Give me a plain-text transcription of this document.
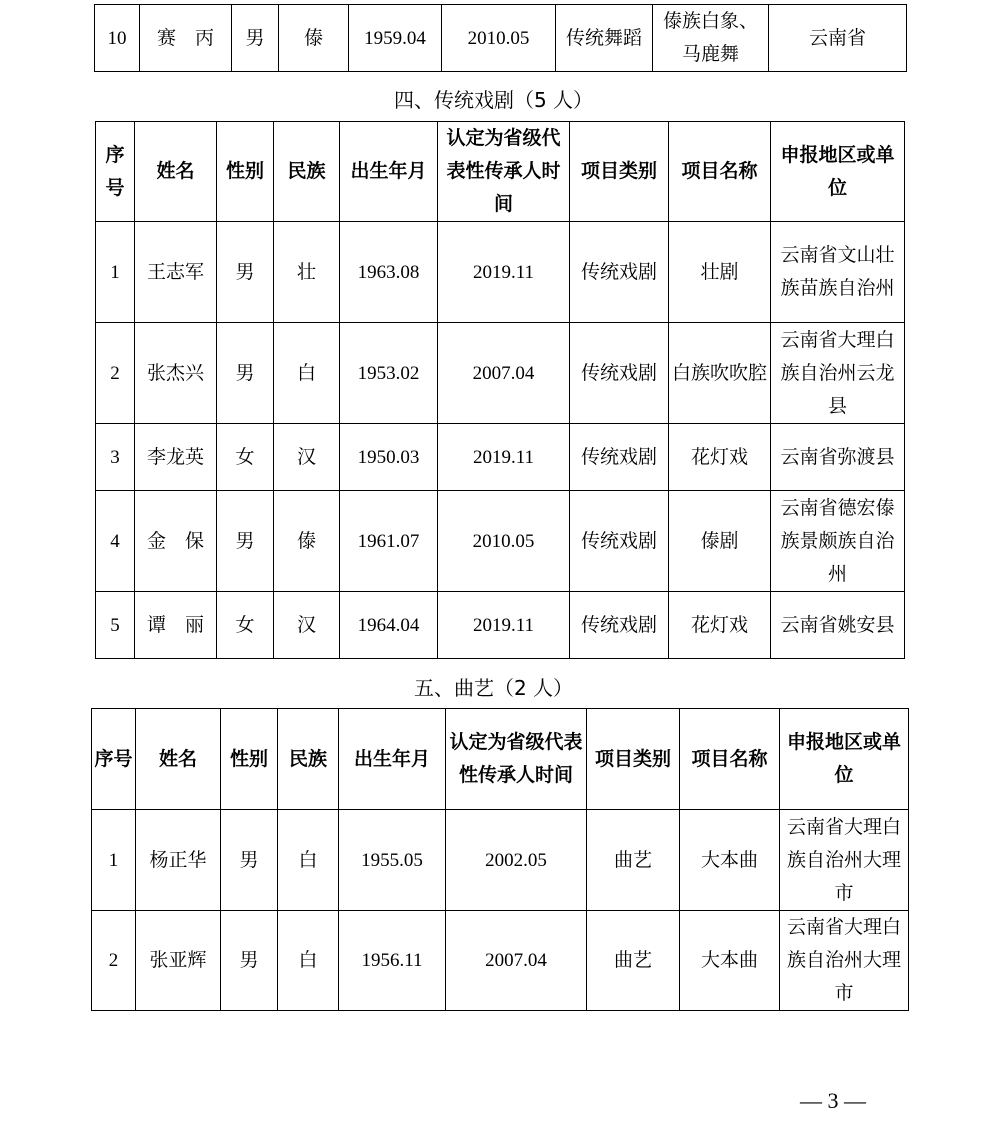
10	赛　丙	男	傣	1959.04	2010.05	传统舞蹈	傣族白象、马鹿舞	云南省
四、传统戏剧（5 人）
序号	姓名	性别	民族	出生年月	认定为省级代表性传承人时间	项目类别	项目名称	申报地区或单位
1	王志军	男	壮	1963.08	2019.11	传统戏剧	壮剧	云南省文山壮族苗族自治州
2	张杰兴	男	白	1953.02	2007.04	传统戏剧	白族吹吹腔	云南省大理白族自治州云龙县
3	李龙英	女	汉	1950.03	2019.11	传统戏剧	花灯戏	云南省弥渡县
4	金　保	男	傣	1961.07	2010.05	传统戏剧	傣剧	云南省德宏傣族景颇族自治州
5	谭　丽	女	汉	1964.04	2019.11	传统戏剧	花灯戏	云南省姚安县
五、曲艺（2 人）
序号	姓名	性别	民族	出生年月	认定为省级代表性传承人时间	项目类别	项目名称	申报地区或单位
1	杨正华	男	白	1955.05	2002.05	曲艺	大本曲	云南省大理白族自治州大理市
2	张亚辉	男	白	1956.11	2007.04	曲艺	大本曲	云南省大理白族自治州大理市
— 3 —
